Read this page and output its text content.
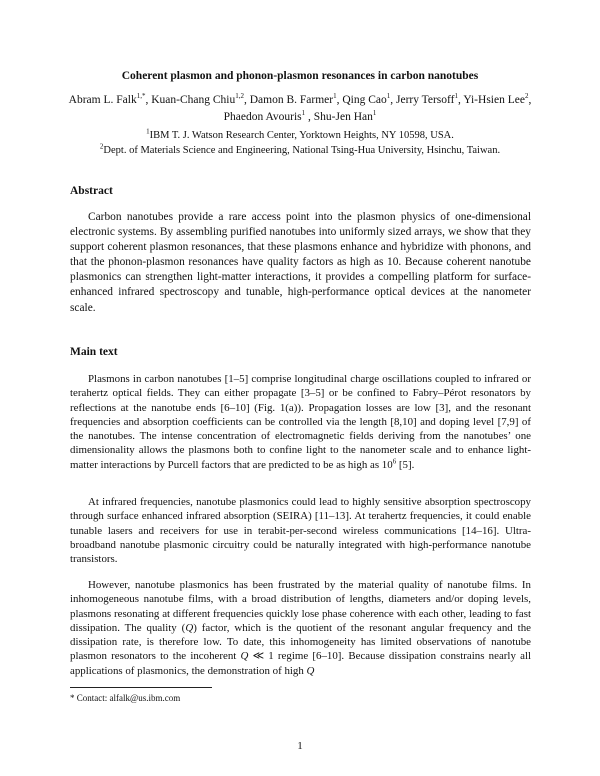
Coherent plasmon and phonon-plasmon resonances in carbon nanotubes
Abram L. Falk$^{1,*}$, Kuan-Chang Chiu$^{1,2}$, Damon B. Farmer$^1$, Qing Cao$^1$, Jerry Tersoff$^1$, Yi-Hsien Lee$^2$, Phaedon Avouris$^1$ , Shu-Jen Han$^1$
$^1$IBM T. J. Watson Research Center, Yorktown Heights, NY 10598, USA.
$^2$Dept. of Materials Science and Engineering, National Tsing-Hua University, Hsinchu, Taiwan.
Abstract

Carbon nanotubes provide a rare access point into the plasmon physics of one-dimensional electronic systems. By assembling purified nanotubes into uniformly sized arrays, we show that they support coherent plasmon resonances, that these plasmons enhance and hybridize with phonons, and that the phonon-plasmon resonances have quality factors as high as 10. Because coherent nanotube plasmonics can strengthen light-matter interactions, it provides a compelling platform for surface-enhanced infrared spectroscopy and tunable, high-performance optical devices at the nanometer scale.

Main text

Plasmons in carbon nanotubes [1–5] comprise longitudinal charge oscillations coupled to infrared or terahertz optical fields. They can either propagate [3–5] or be confined to Fabry–Pérot resonators by reflections at the nanotube ends [6–10] (Fig. 1(a)). Propagation losses are low [3], and the resonant frequencies and absorption coefficients can be controlled via the length [8,10] and doping level [7,9] of the nanotubes. The intense concentration of electromagnetic fields deriving from the nanotubes’ one dimensionality allows the plasmons both to confine light to the nanometer scale and to enhance light-matter interactions by Purcell factors that are predicted to be as high as $10^6$ [5].

At infrared frequencies, nanotube plasmonics could lead to highly sensitive absorption spectroscopy through surface enhanced infrared absorption (SEIRA) [11–13]. At terahertz frequencies, it could enable tunable lasers and receivers for use in terabit-per-second wireless communications [14–16]. Ultra-broadband nanotube plasmonic circuitry could be naturally integrated with high-performance nanotube transistors.

However, nanotube plasmonics has been frustrated by the material quality of nanotube films. In inhomogeneous nanotube films, with a broad distribution of lengths, diameters and/or doping levels, plasmons resonating at different frequencies quickly lose phase coherence with each other, leading to fast dissipation. The quality (Q) factor, which is the quotient of the resonant angular frequency and the dissipation rate, is therefore low. To date, this inhomogeneity has limited observations of nanotube plasmon resonators to the incoherent Q ≪ 1 regime [6–10]. Because dissipation constrains nearly all applications of plasmonics, the demonstration of high Q

* Contact: alfalk@us.ibm.com
1
